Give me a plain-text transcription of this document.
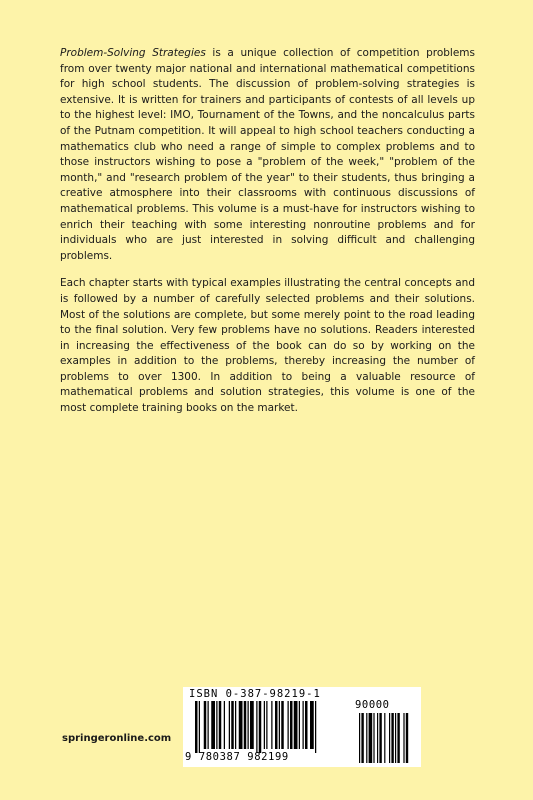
Problem-Solving Strategies is a unique collection of competition problems from over twenty major national and international mathematical competitions for high school students. The discussion of problem-solving strategies is extensive. It is written for trainers and participants of contests of all levels up to the highest level: IMO, Tournament of the Towns, and the noncalculus parts of the Putnam competition. It will appeal to high school teachers conducting a mathematics club who need a range of simple to complex problems and to those instructors wishing to pose a "problem of the week," "problem of the month," and "research problem of the year" to their students, thus bringing a creative atmosphere into their classrooms with continuous discussions of mathematical problems. This volume is a must-have for instructors wishing to enrich their teaching with some interesting nonroutine problems and for individuals who are just interested in solving difficult and challenging problems.

Each chapter starts with typical examples illustrating the central concepts and is followed by a number of carefully selected problems and their solutions. Most of the solutions are complete, but some merely point to the road leading to the final solution. Very few problems have no solutions. Readers interested in increasing the effectiveness of the book can do so by working on the examples in addition to the problems, thereby increasing the number of problems to over 1300. In addition to being a valuable resource of mathematical problems and solution strategies, this volume is one of the most complete training books on the market.

ISBN 0-387-98219-1
90000
9 780387 982199
springeronline.com
